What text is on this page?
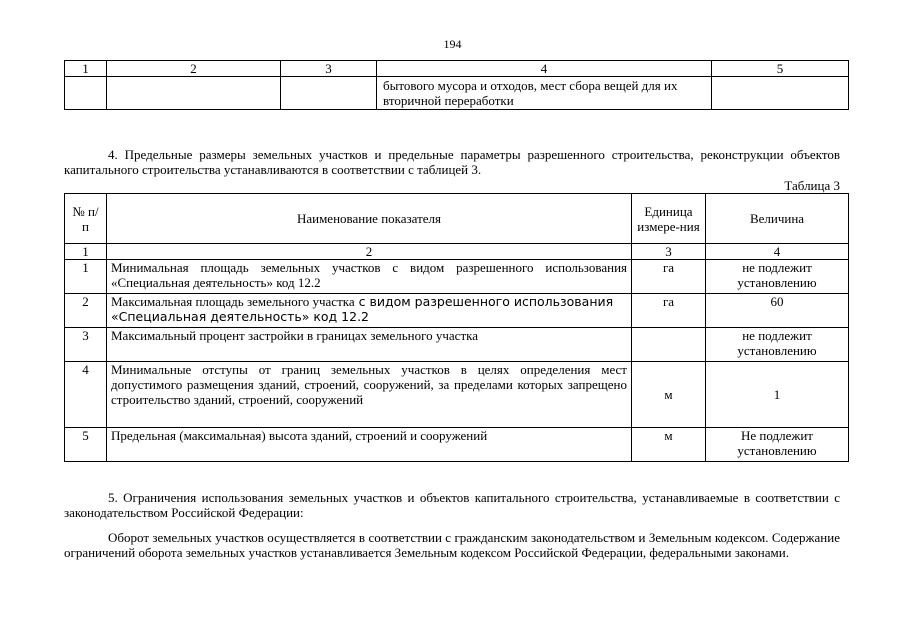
194
1	2	3	4	5
			бытового мусора и отходов, мест сбора вещей для их вторичной переработки	
4. Предельные размеры земельных участков и предельные параметры разрешенного строительства, реконструкции объектов капитального строительства устанавливаются в соответствии с таблицей 3.
Таблица 3
№ п/п	Наименование показателя	Единица измере-ния	Величина
1	2	3	4
1	Минимальная площадь земельных участков с видом разрешенного использования «Специальная деятельность» код 12.2	га	не подлежит установлению
2	Максимальная площадь земельного участка с видом разрешенного использования «Специальная деятельность» код 12.2	га	60
3	Максимальный процент застройки в границах земельного участка		не подлежит установлению
4	Минимальные отступы от границ земельных участков в целях определения мест допустимого размещения зданий, строений, сооружений, за пределами которых запрещено строительство зданий, строений, сооружений	м	1
5	Предельная (максимальная) высота зданий, строений и сооружений	м	Не подлежит установлению
5. Ограничения использования земельных участков и объектов капитального строительства, устанавливаемые в соответствии с законодательством Российской Федерации:
Оборот земельных участков осуществляется в соответствии с гражданским законодательством и Земельным кодексом. Содержание ограничений оборота земельных участков устанавливается Земельным кодексом Российской Федерации, федеральными законами.
